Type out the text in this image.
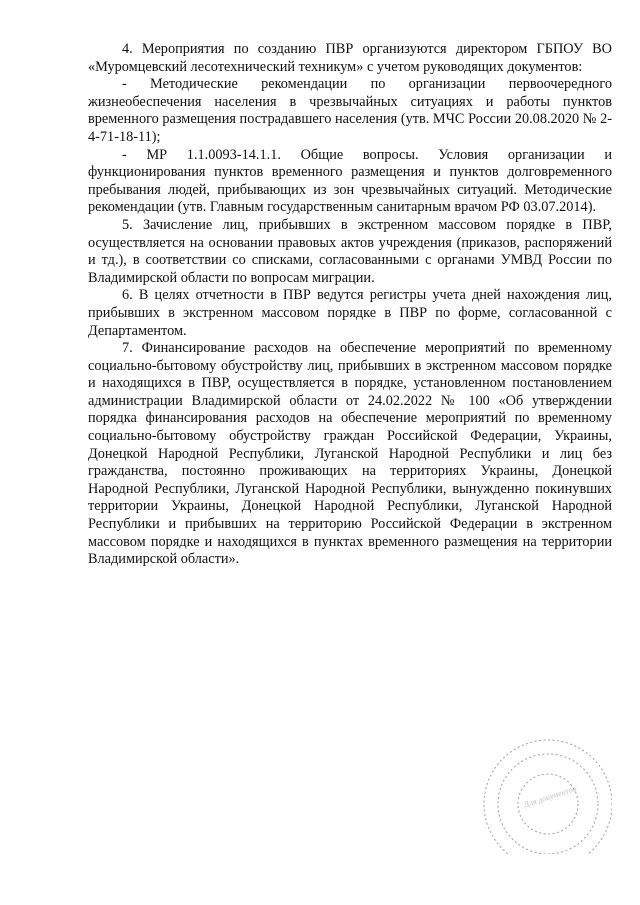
4. Мероприятия по созданию ПВР организуются директором ГБПОУ ВО «Муромцевский лесотехнический техникум» с учетом руководящих документов:

- Методические рекомендации по организации первоочередного жизнеобеспечения населения в чрезвычайных ситуациях и работы пунктов временного размещения пострадавшего населения (утв. МЧС России 20.08.2020 № 2-4-71-18-11);

- МР 1.1.0093-14.1.1. Общие вопросы. Условия организации и функционирования пунктов временного размещения и пунктов долговременного пребывания людей, прибывающих из зон чрезвычайных ситуаций. Методические рекомендации (утв. Главным государственным санитарным врачом РФ 03.07.2014).

5. Зачисление лиц, прибывших в экстренном массовом порядке в ПВР, осуществляется на основании правовых актов учреждения (приказов, распоряжений и тд.), в соответствии со списками, согласованными с органами УМВД России по Владимирской области по вопросам миграции.

6. В целях отчетности в ПВР ведутся регистры учета дней нахождения лиц, прибывших в экстренном массовом порядке в ПВР по форме, согласованной с Департаментом.

7. Финансирование расходов на обеспечение мероприятий по временному социально-бытовому обустройству лиц, прибывших в экстренном массовом порядке и находящихся в ПВР, осуществляется в порядке, установленном постановлением администрации Владимирской области от 24.02.2022 № 100 «Об утверждении порядка финансирования расходов на обеспечение мероприятий по временному социально-бытовому обустройству граждан Российской Федерации, Украины, Донецкой Народной Республики, Луганской Народной Республики и лиц без гражданства, постоянно проживающих на территориях Украины, Донецкой Народной Республики, Луганской Народной Республики, вынужденно покинувших территории Украины, Донецкой Народной Республики, Луганской Народной Республики и прибывших на территорию Российской Федерации в экстренном массовом порядке и находящихся в пунктах временного размещения на территории Владимирской области».

Для документов
